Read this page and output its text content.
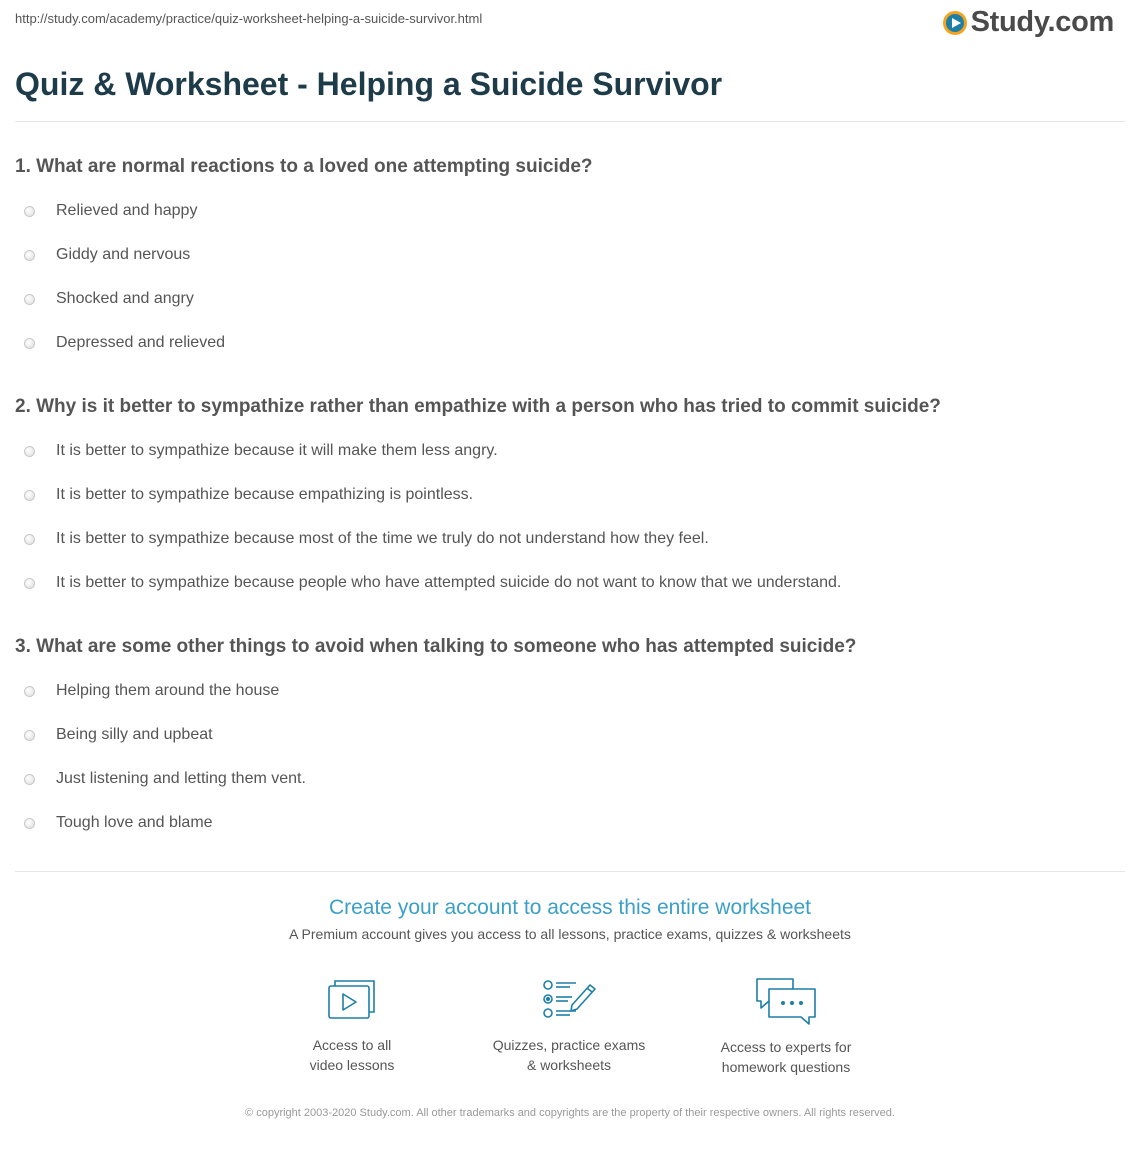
http://study.com/academy/practice/quiz-worksheet-helping-a-suicide-survivor.html	Study.com
Quiz & Worksheet - Helping a Suicide Survivor
1. What are normal reactions to a loved one attempting suicide?
Relieved and happy
Giddy and nervous
Shocked and angry
Depressed and relieved
2. Why is it better to sympathize rather than empathize with a person who has tried to commit suicide?
It is better to sympathize because it will make them less angry.
It is better to sympathize because empathizing is pointless.
It is better to sympathize because most of the time we truly do not understand how they feel.
It is better to sympathize because people who have attempted suicide do not want to know that we understand.
3. What are some other things to avoid when talking to someone who has attempted suicide?
Helping them around the house
Being silly and upbeat
Just listening and letting them vent.
Tough love and blame
Create your account to access this entire worksheet
A Premium account gives you access to all lessons, practice exams, quizzes & worksheets
Access to all
video lessons
Quizzes, practice exams
& worksheets
Access to experts for
homework questions
© copyright 2003-2020 Study.com. All other trademarks and copyrights are the property of their respective owners. All rights reserved.
